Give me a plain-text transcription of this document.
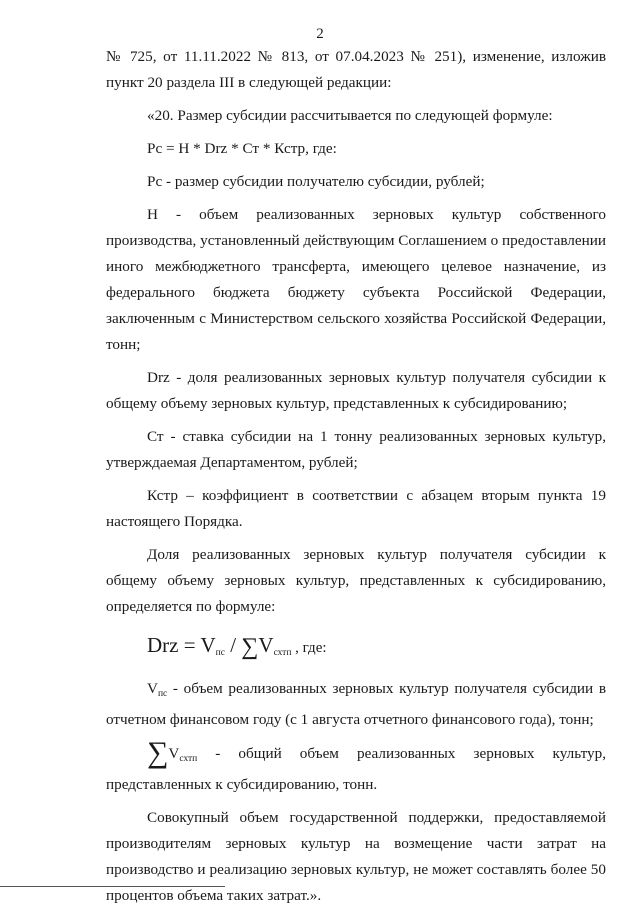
2

№ 725, от 11.11.2022 № 813, от 07.04.2023 № 251), изменение, изложив пункт 20 раздела III в следующей редакции:

«20. Размер субсидии рассчитывается по следующей формуле:

Рс = Н * Drz * Ст * Кстр, где:

Рс - размер субсидии получателю субсидии, рублей;

Н - объем реализованных зерновых культур собственного производства, установленный действующим Соглашением о предоставлении иного межбюджетного трансферта, имеющего целевое назначение, из федерального бюджета бюджету субъекта Российской Федерации, заключенным с Министерством сельского хозяйства Российской Федерации, тонн;

Drz - доля реализованных зерновых культур получателя субсидии к общему объему зерновых культур, представленных к субсидированию;

Ст - ставка субсидии на 1 тонну реализованных зерновых культур, утверждаемая Департаментом, рублей;

Кстр – коэффициент в соответствии с абзацем вторым пункта 19 настоящего Порядка.

Доля реализованных зерновых культур получателя субсидии к общему объему зерновых культур, представленных к субсидированию, определяется по формуле:

Drz = $V_{пс} / \sum V_{схтп}$ , где:

$V_{пс}$ - объем реализованных зерновых культур получателя субсидии в отчетном финансовом году (с 1 августа отчетного финансового года), тонн;

$\sum V_{схтп}$ - общий объем реализованных зерновых культур, представленных к субсидированию, тонн.

Совокупный объем государственной поддержки, предоставляемой производителям зерновых культур на возмещение части затрат на производство и реализацию зерновых культур, не может составлять более 50 процентов объема таких затрат.».
